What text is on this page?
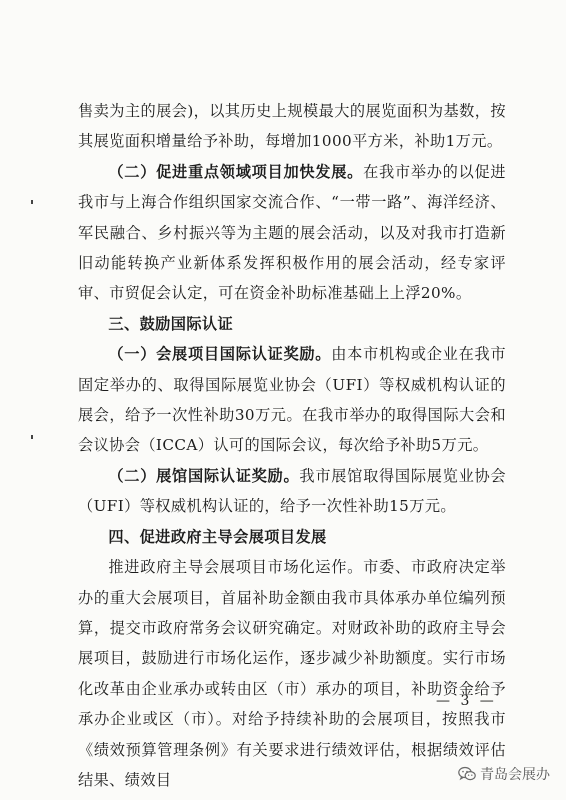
售卖为主的展会)，以其历史上规模最大的展览面积为基数，按其展览面积增量给予补助，每增加1000平方米，补助1万元。

（二）促进重点领域项目加快发展。在我市举办的以促进我市与上海合作组织国家交流合作、“一带一路”、海洋经济、军民融合、乡村振兴等为主题的展会活动，以及对我市打造新旧动能转换产业新体系发挥积极作用的展会活动，经专家评审、市贸促会认定，可在资金补助标准基础上上浮20%。

三、鼓励国际认证

（一）会展项目国际认证奖励。由本市机构或企业在我市固定举办的、取得国际展览业协会（UFI）等权威机构认证的展会，给予一次性补助30万元。在我市举办的取得国际大会和会议协会（ICCA）认可的国际会议，每次给予补助5万元。

（二）展馆国际认证奖励。我市展馆取得国际展览业协会（UFI）等权威机构认证的，给予一次性补助15万元。

四、促进政府主导会展项目发展

推进政府主导会展项目市场化运作。市委、市政府决定举办的重大会展项目，首届补助金额由我市具体承办单位编列预算，提交市政府常务会议研究确定。对财政补助的政府主导会展项目，鼓励进行市场化运作，逐步减少补助额度。实行市场化改革由企业承办或转由区（市）承办的项目，补助资金给予承办企业或区（市）。对给予持续补助的会展项目，按照我市《绩效预算管理条例》有关要求进行绩效评估，根据绩效评估结果、绩效目

— 3 —
青岛会展办
